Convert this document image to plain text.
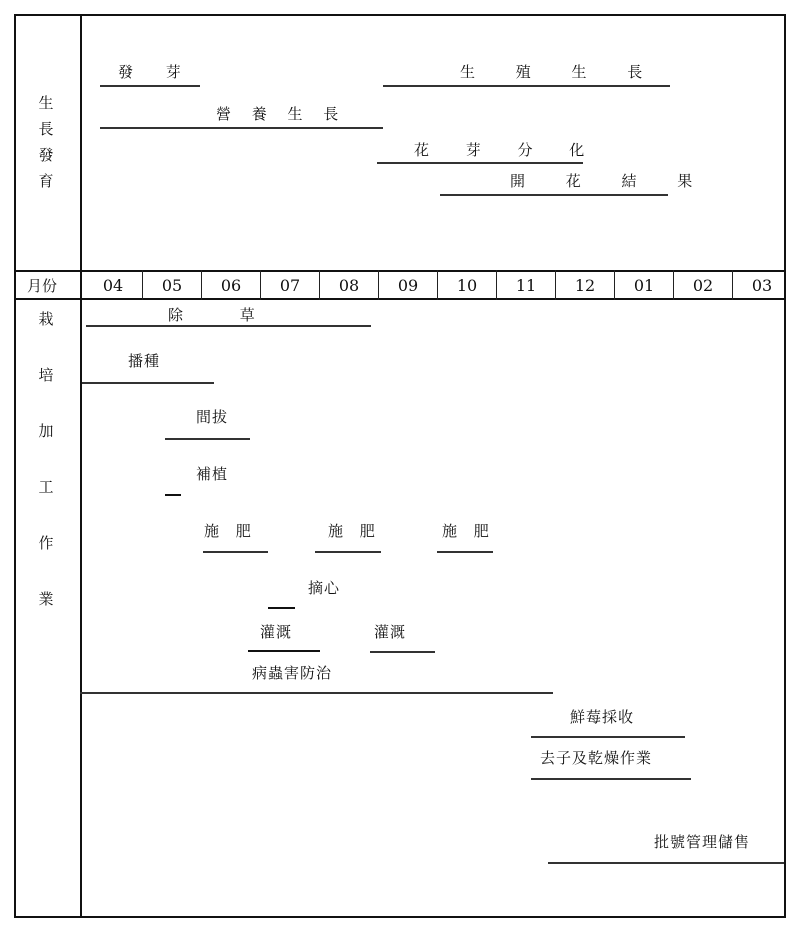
生
長
發
育
發 芽	生 殖 生 長
營 養 生 長
花 芽 分 化
開 花 結 果
月份	04	05	06	07	08	09	10	11	12	01	02	03
栽
培
加
工
作
業
除 草
播種
間拔
補植
施 肥	施 肥	施 肥
摘心
灌溉	灌溉
病蟲害防治
鮮莓採收
去子及乾燥作業
批號管理儲售
